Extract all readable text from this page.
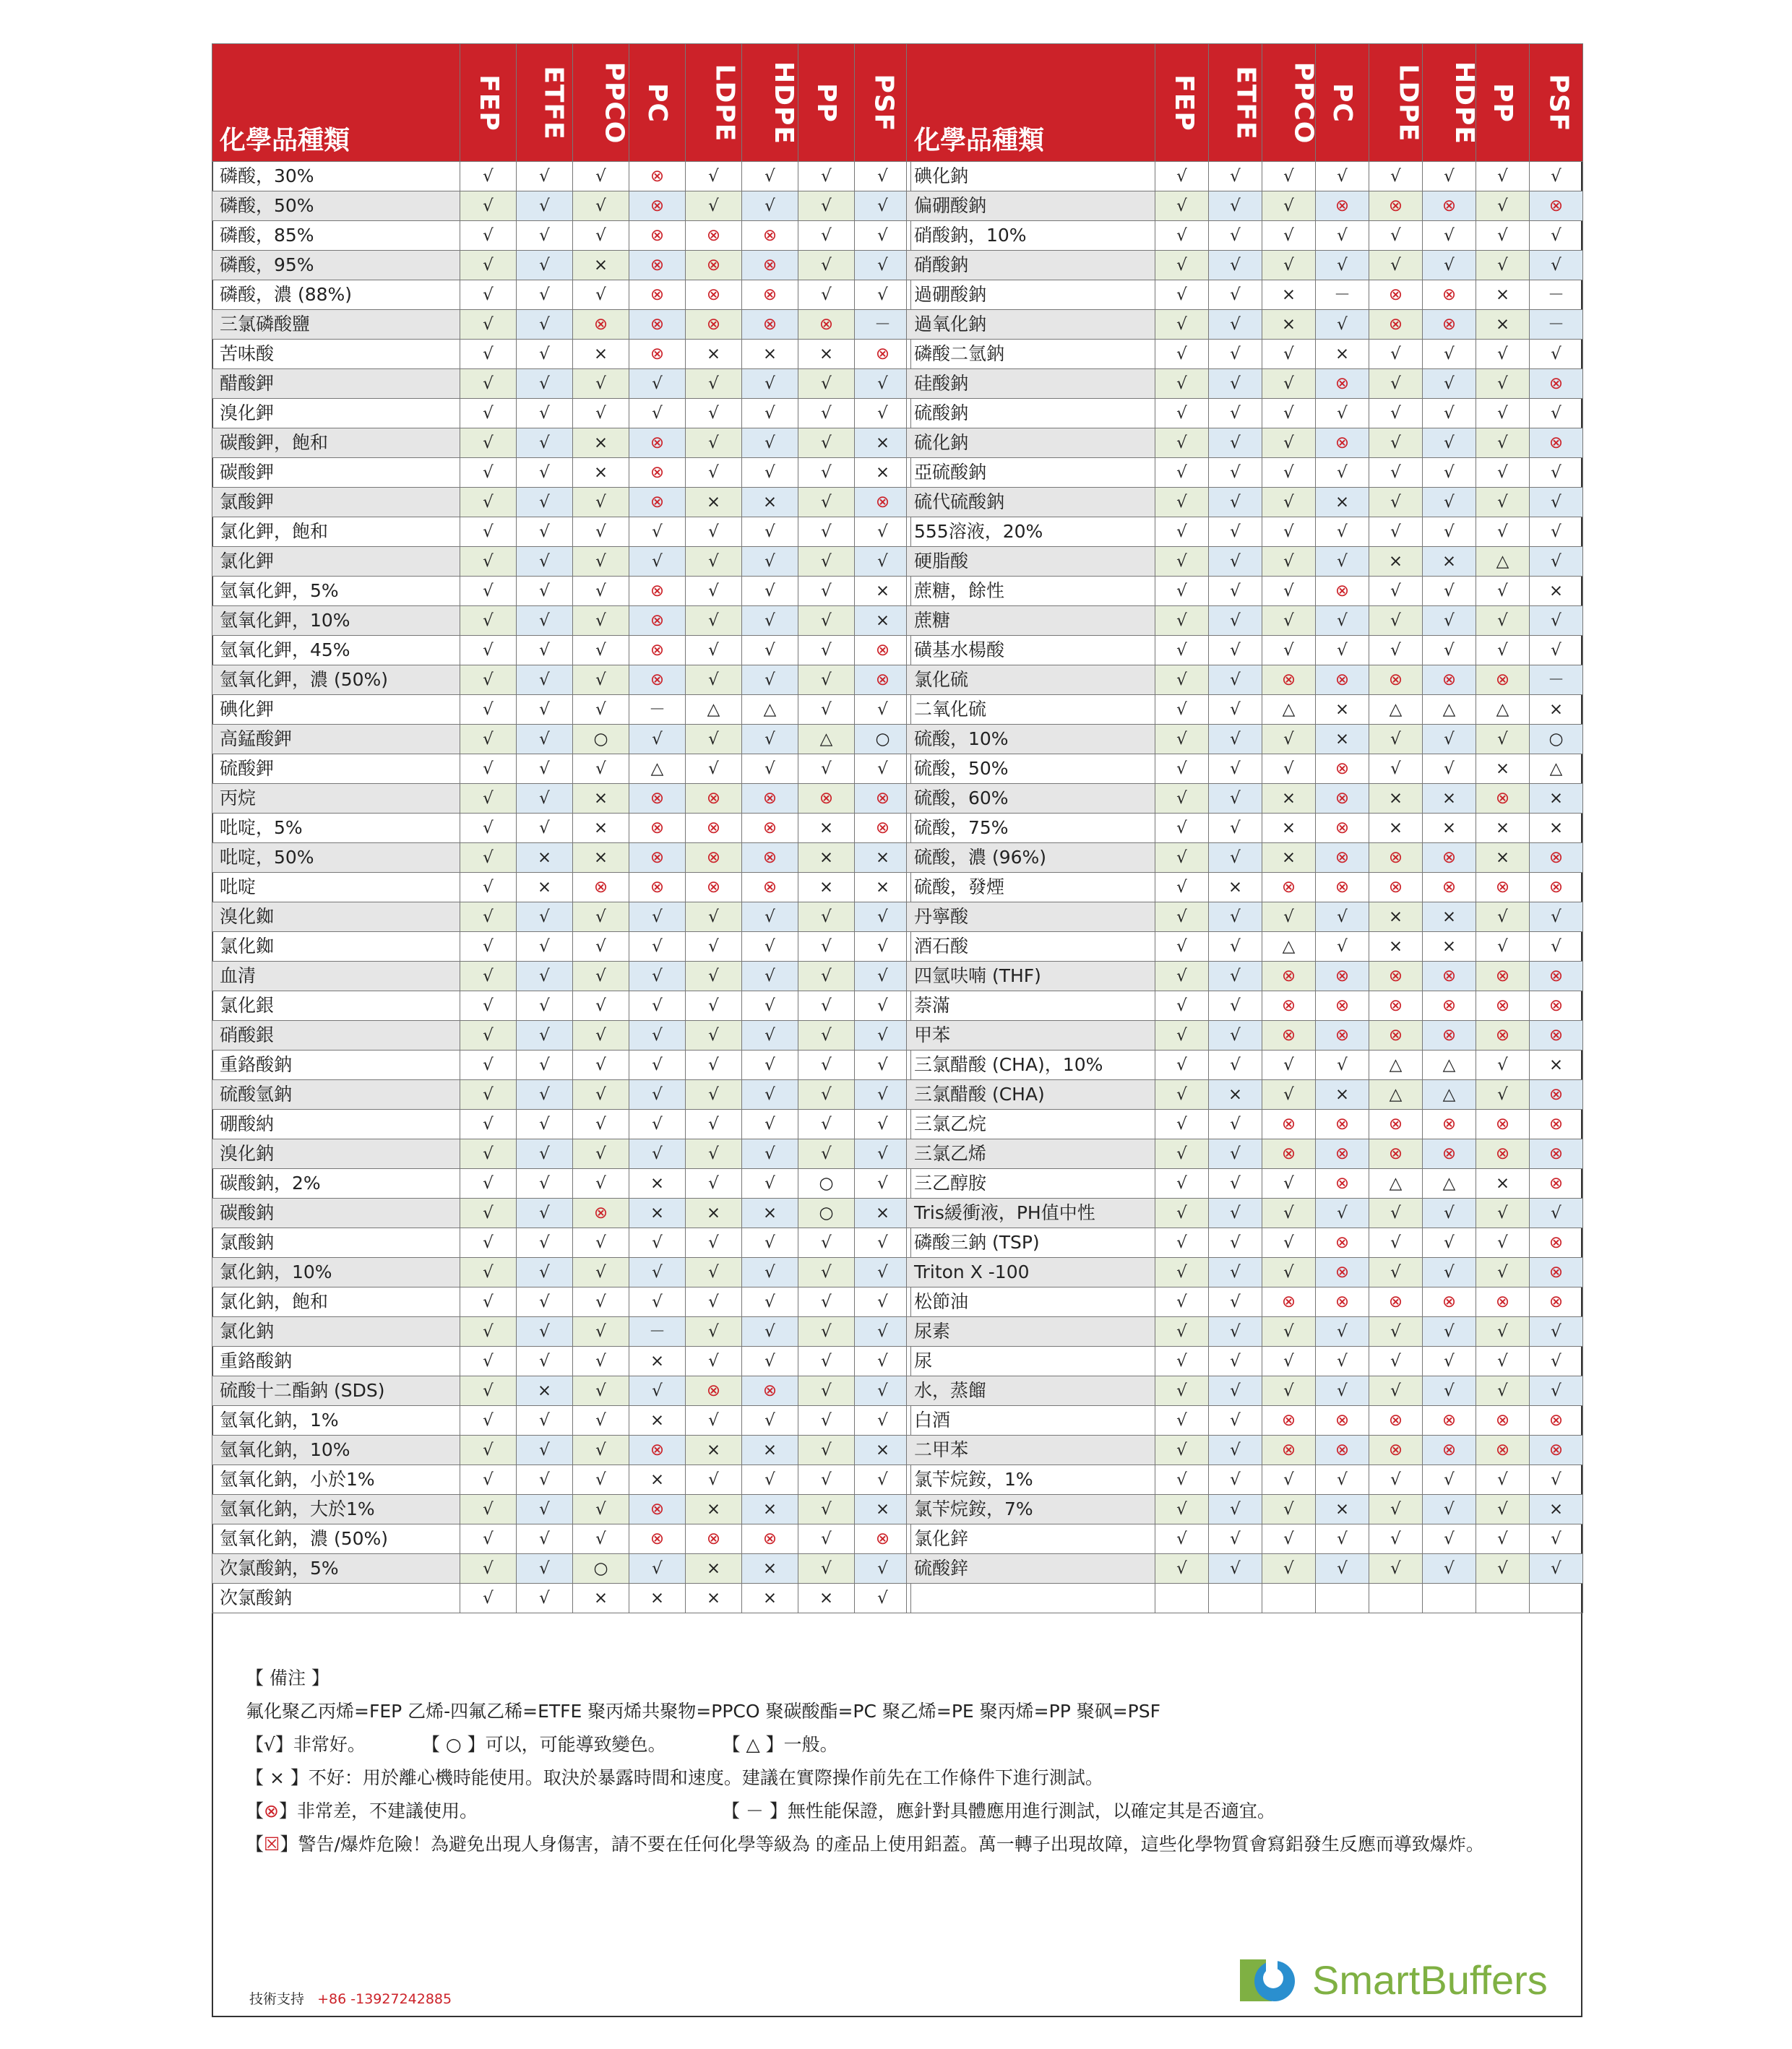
化學品種類	FEP	ETFE	PPCO	PC	LDPE	HDPE	PP	PSF
磷酸，30%	√	√	√	⊗	√	√	√	√
磷酸，50%	√	√	√	⊗	√	√	√	√
磷酸，85%	√	√	√	⊗	⊗	⊗	√	√
磷酸，95%	√	√	×	⊗	⊗	⊗	√	√
磷酸，濃 (88%)	√	√	√	⊗	⊗	⊗	√	√
三氯磷酸鹽	√	√	⊗	⊗	⊗	⊗	⊗	－
苦味酸	√	√	×	⊗	×	×	×	⊗
醋酸鉀	√	√	√	√	√	√	√	√
溴化鉀	√	√	√	√	√	√	√	√
碳酸鉀，飽和	√	√	×	⊗	√	√	√	×
碳酸鉀	√	√	×	⊗	√	√	√	×
氯酸鉀	√	√	√	⊗	×	×	√	⊗
氯化鉀，飽和	√	√	√	√	√	√	√	√
氯化鉀	√	√	√	√	√	√	√	√
氫氧化鉀，5%	√	√	√	⊗	√	√	√	×
氫氧化鉀，10%	√	√	√	⊗	√	√	√	×
氫氧化鉀，45%	√	√	√	⊗	√	√	√	⊗
氫氧化鉀，濃 (50%)	√	√	√	⊗	√	√	√	⊗
碘化鉀	√	√	√	－	△	△	√	√
高錳酸鉀	√	√	○	√	√	√	△	○
硫酸鉀	√	√	√	△	√	√	√	√
丙烷	√	√	×	⊗	⊗	⊗	⊗	⊗
吡啶，5%	√	√	×	⊗	⊗	⊗	×	⊗
吡啶，50%	√	×	×	⊗	⊗	⊗	×	×
吡啶	√	×	⊗	⊗	⊗	⊗	×	×
溴化銣	√	√	√	√	√	√	√	√
氯化銣	√	√	√	√	√	√	√	√
血清	√	√	√	√	√	√	√	√
氯化銀	√	√	√	√	√	√	√	√
硝酸銀	√	√	√	√	√	√	√	√
重鉻酸鈉	√	√	√	√	√	√	√	√
硫酸氫鈉	√	√	√	√	√	√	√	√
硼酸納	√	√	√	√	√	√	√	√
溴化鈉	√	√	√	√	√	√	√	√
碳酸鈉，2%	√	√	√	×	√	√	○	√
碳酸鈉	√	√	⊗	×	×	×	○	×
氯酸鈉	√	√	√	√	√	√	√	√
氯化鈉，10%	√	√	√	√	√	√	√	√
氯化鈉，飽和	√	√	√	√	√	√	√	√
氯化鈉	√	√	√	－	√	√	√	√
重鉻酸鈉	√	√	√	×	√	√	√	√
硫酸十二酯鈉 (SDS)	√	×	√	√	⊗	⊗	√	√
氫氧化鈉，1%	√	√	√	×	√	√	√	√
氫氧化鈉，10%	√	√	√	⊗	×	×	√	×
氫氧化鈉，小於1%	√	√	√	×	√	√	√	√
氫氧化鈉，大於1%	√	√	√	⊗	×	×	√	×
氫氧化鈉，濃 (50%)	√	√	√	⊗	⊗	⊗	√	⊗
次氯酸鈉，5%	√	√	○	√	×	×	√	√
次氯酸鈉	√	√	×	×	×	×	×	√
化學品種類	FEP	ETFE	PPCO	PC	LDPE	HDPE	PP	PSF
碘化鈉	√	√	√	√	√	√	√	√
偏硼酸鈉	√	√	√	⊗	⊗	⊗	√	⊗
硝酸鈉，10%	√	√	√	√	√	√	√	√
硝酸鈉	√	√	√	√	√	√	√	√
過硼酸鈉	√	√	×	－	⊗	⊗	×	－
過氧化鈉	√	√	×	√	⊗	⊗	×	－
磷酸二氫鈉	√	√	√	×	√	√	√	√
硅酸鈉	√	√	√	⊗	√	√	√	⊗
硫酸鈉	√	√	√	√	√	√	√	√
硫化鈉	√	√	√	⊗	√	√	√	⊗
亞硫酸鈉	√	√	√	√	√	√	√	√
硫代硫酸鈉	√	√	√	×	√	√	√	√
555溶液，20%	√	√	√	√	√	√	√	√
硬脂酸	√	√	√	√	×	×	△	√
蔗糖，餘性	√	√	√	⊗	√	√	√	×
蔗糖	√	√	√	√	√	√	√	√
磺基水楊酸	√	√	√	√	√	√	√	√
氯化硫	√	√	⊗	⊗	⊗	⊗	⊗	－
二氧化硫	√	√	△	×	△	△	△	×
硫酸，10%	√	√	√	×	√	√	√	○
硫酸，50%	√	√	√	⊗	√	√	×	△
硫酸，60%	√	√	×	⊗	×	×	⊗	×
硫酸，75%	√	√	×	⊗	×	×	×	×
硫酸，濃 (96%)	√	√	×	⊗	⊗	⊗	×	⊗
硫酸，發煙	√	×	⊗	⊗	⊗	⊗	⊗	⊗
丹寧酸	√	√	√	√	×	×	√	√
酒石酸	√	√	△	√	×	×	√	√
四氫呋喃 (THF)	√	√	⊗	⊗	⊗	⊗	⊗	⊗
萘滿	√	√	⊗	⊗	⊗	⊗	⊗	⊗
甲苯	√	√	⊗	⊗	⊗	⊗	⊗	⊗
三氯醋酸 (CHA)，10%	√	√	√	√	△	△	√	×
三氯醋酸 (CHA)	√	×	√	×	△	△	√	⊗
三氯乙烷	√	√	⊗	⊗	⊗	⊗	⊗	⊗
三氯乙烯	√	√	⊗	⊗	⊗	⊗	⊗	⊗
三乙醇胺	√	√	√	⊗	△	△	×	⊗
Tris緩衝液，PH值中性	√	√	√	√	√	√	√	√
磷酸三鈉 (TSP)	√	√	√	⊗	√	√	√	⊗
Triton X -100	√	√	√	⊗	√	√	√	⊗
松節油	√	√	⊗	⊗	⊗	⊗	⊗	⊗
尿素	√	√	√	√	√	√	√	√
尿	√	√	√	√	√	√	√	√
水，蒸餾	√	√	√	√	√	√	√	√
白酒	√	√	⊗	⊗	⊗	⊗	⊗	⊗
二甲苯	√	√	⊗	⊗	⊗	⊗	⊗	⊗
氯苄烷銨，1%	√	√	√	√	√	√	√	√
氯苄烷銨，7%	√	√	√	×	√	√	√	×
氯化鋅	√	√	√	√	√	√	√	√
硫酸鋅	√	√	√	√	√	√	√	√

【 備注 】
氟化聚乙丙烯=FEP 乙烯-四氟乙稀=ETFE 聚丙烯共聚物=PPCO 聚碳酸酯=PC 聚乙烯=PE 聚丙烯=PP 聚砜=PSF
【√】非常好。	【 ○ 】可以，可能導致變色。	【 △ 】一般。
【 × 】不好：用於離心機時能使用。取決於暴露時間和速度。建議在實際操作前先在工作條件下進行測試。
【⊗】非常差，不建議使用。	【 － 】無性能保證，應針對具體應用進行測試，以確定其是否適宜。
【☒】警告/爆炸危險！為避免出現人身傷害，請不要在任何化學等級為 的產品上使用鋁蓋。萬一轉子出現故障，這些化學物質會寫鋁發生反應而導致爆炸。
技術支持 +86 -13927242885	SmartBuffers
